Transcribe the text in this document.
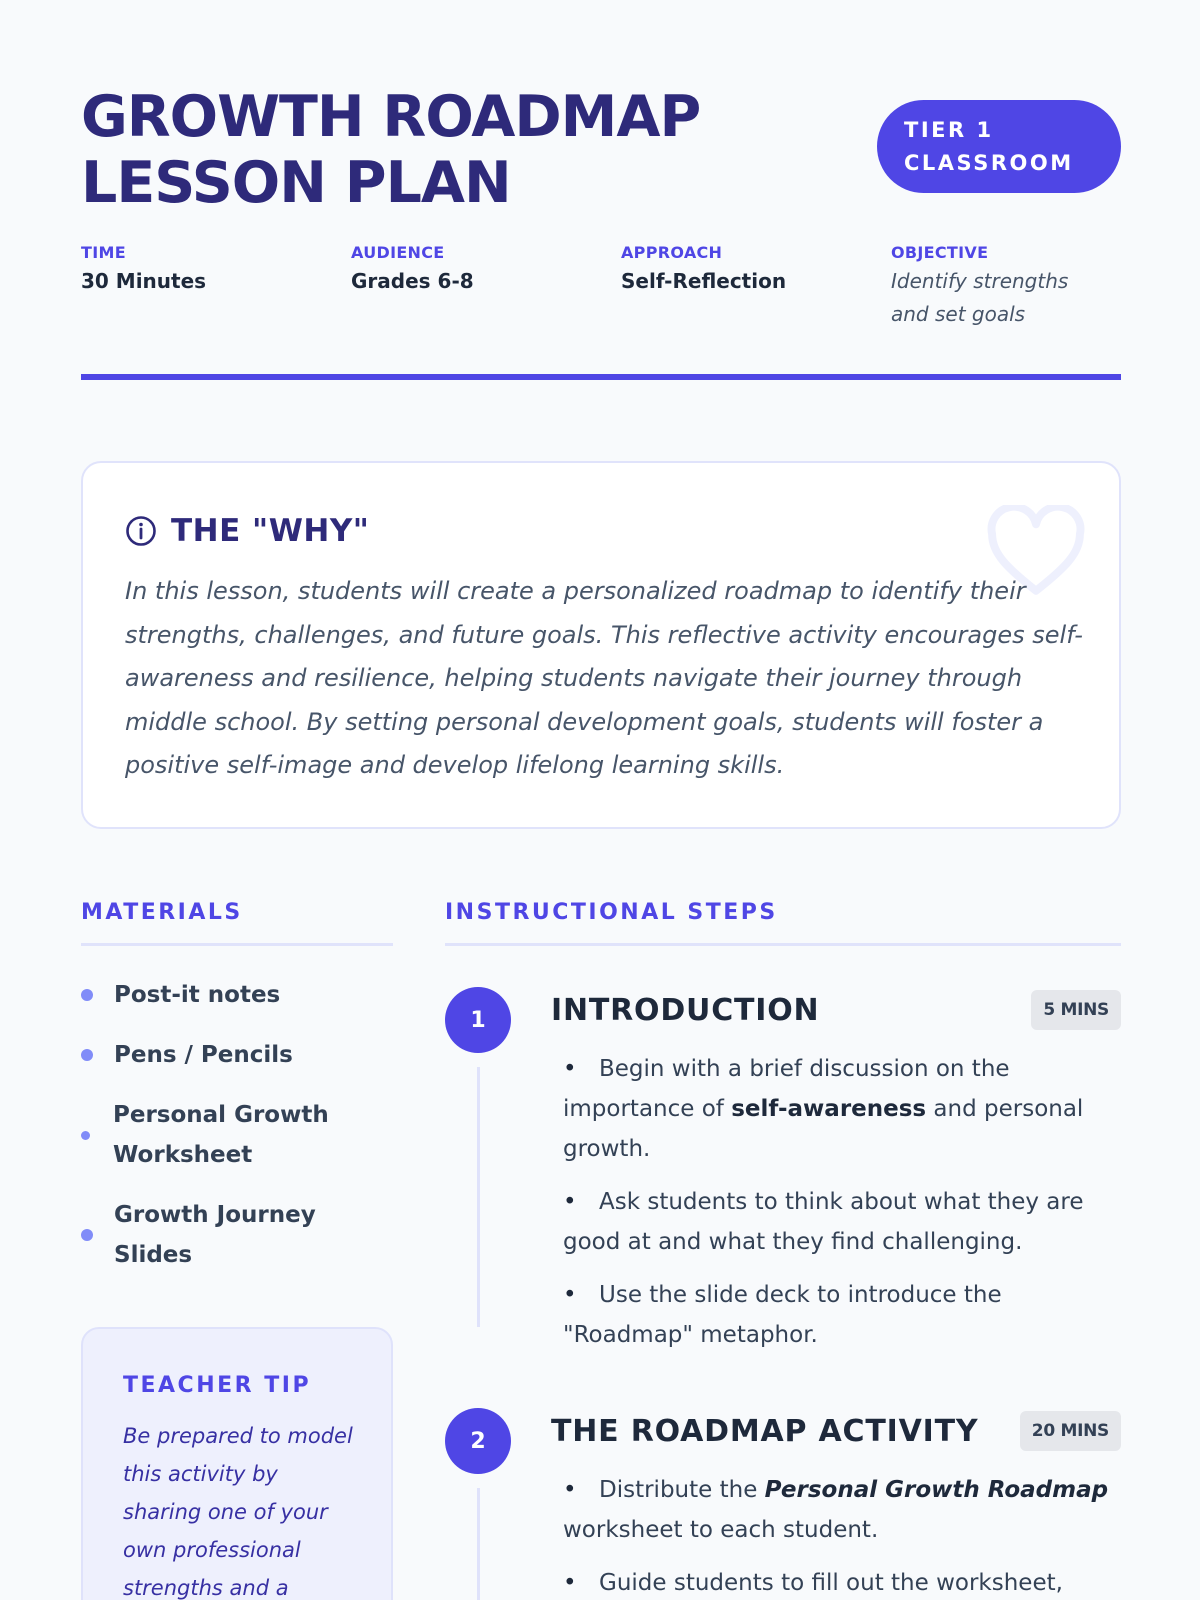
GROWTH ROADMAP
LESSON PLAN
TIER 1
CLASSROOM
TIME
30 Minutes
AUDIENCE
Grades 6-8
APPROACH
Self-Reflection
OBJECTIVE
Identify strengths
and set goals
THE "WHY"

In this lesson, students will create a personalized roadmap to identify their strengths, challenges, and future goals. This reflective activity encourages self-awareness and resilience, helping students navigate their journey through middle school. By setting personal development goals, students will foster a positive self-image and develop lifelong learning skills.

MATERIALS
Post-it notes
Pens / Pencils
Personal Growth
Worksheet
Growth Journey
Slides
TEACHER TIP
Be prepared to model
this activity by
sharing one of your
own professional
strengths and a
INSTRUCTIONAL STEPS
1	INTRODUCTION	5 MINS
• Begin with a brief discussion on the importance of self-awareness and personal growth.
• Ask students to think about what they are good at and what they find challenging.
• Use the slide deck to introduce the "Roadmap" metaphor.
2	THE ROADMAP ACTIVITY	20 MINS
• Distribute the Personal Growth Roadmap worksheet to each student.
• Guide students to fill out the worksheet,
